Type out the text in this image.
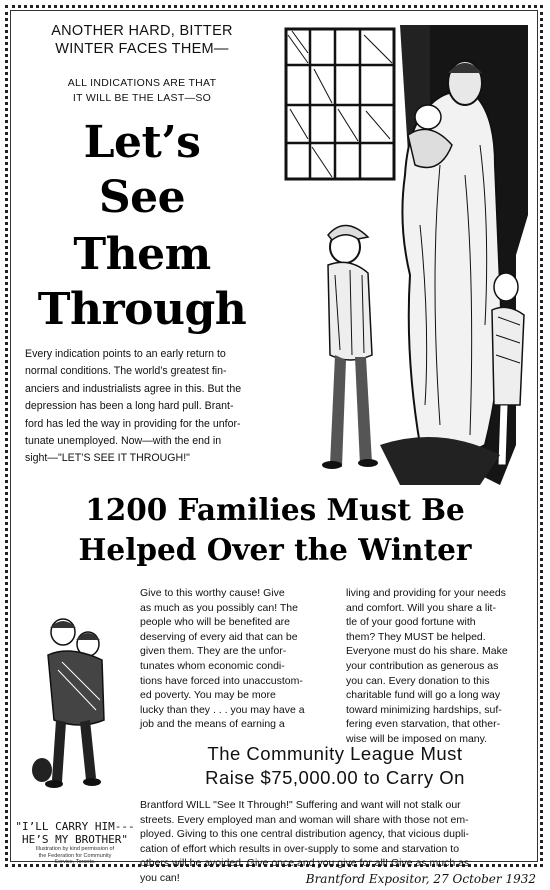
ANOTHER HARD, BITTER
WINTER FACES THEM—
ALL INDICATIONS ARE THAT
IT WILL BE THE LAST—SO
Let’s
See
Them
Through
Every indication points to an early return to
normal conditions. The world’s greatest fin-
anciers and industrialists agree in this. But the
depression has been a long hard pull. Brant-
ford has led the way in providing for the unfor-
tunate unemployed. Now—with the end in
sight—"LET’S SEE IT THROUGH!"
1200 Families Must Be
Helped Over the Winter
Give to this worthy cause! Give
as much as you possibly can! The
people who will be benefited are
deserving of every aid that can be
given them. They are the unfor-
tunates whom economic condi-
tions have forced into unaccustom-
ed poverty. You may be more
lucky than they . . . you may have a
job and the means of earning a
living and providing for your needs
and comfort. Will you share a lit-
tle of your good fortune with
them? They MUST be helped.
Everyone must do his share. Make
your contribution as generous as
you can. Every donation to this
charitable fund will go a long way
toward minimizing hardships, suf-
fering even starvation, that other-
wise will be imposed on many.
The Community League Must
Raise $75,000.00 to Carry On
Brantford WILL "See It Through!" Suffering and want will not stalk our
streets. Every employed man and woman will share with those not em-
ployed. Giving to this one central distribution agency, that vicious dupli-
cation of effort which results in over-supply to some and starvation to
others will be avoided. Give once and you give for all! Give as much as
you can!
"I’LL CARRY HIM---
HE’S MY BROTHER"
Illustration by kind permission of
the Federation for Community
Service, Toronto.
Brantford Expositor, 27 October 1932
